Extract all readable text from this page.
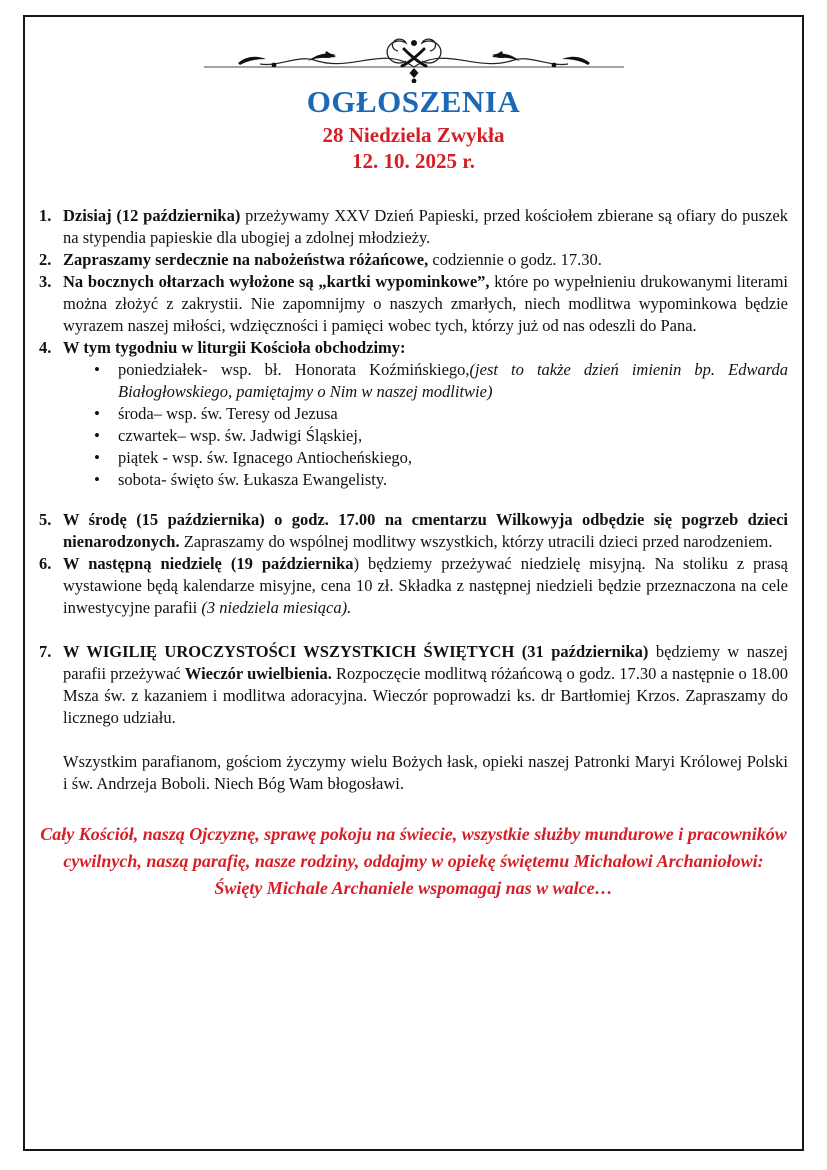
OGŁOSZENIA
28 Niedziela Zwykła
12. 10. 2025 r.

1. Dzisiaj (12 października) przeżywamy XXV Dzień Papieski, przed kościołem zbierane są ofiary do puszek na stypendia papieskie dla ubogiej a zdolnej młodzieży.

2. Zapraszamy serdecznie na nabożeństwa różańcowe, codziennie o godz. 17.30.

3. Na bocznych ołtarzach wyłożone są „kartki wypominkowe”, które po wypełnieniu drukowanymi literami można złożyć z zakrystii. Nie zapomnijmy o naszych zmarłych, niech modlitwa wypominkowa będzie wyrazem naszej miłości, wdzięczności i pamięci wobec tych, którzy już od nas odeszli do Pana.

4. W tym tygodniu w liturgii Kościoła obchodzimy:
• poniedziałek- wsp. bł. Honorata Koźmińskiego,(jest to także dzień imienin bp. Edwarda Białogłowskiego, pamiętajmy o Nim w naszej modlitwie)
• środa– wsp. św. Teresy od Jezusa
• czwartek– wsp. św. Jadwigi Śląskiej,
• piątek - wsp. św. Ignacego Antiocheńskiego,
• sobota- święto św. Łukasza Ewangelisty.

5. W środę (15 października) o godz. 17.00 na cmentarzu Wilkowyja odbędzie się pogrzeb dzieci nienarodzonych. Zapraszamy do wspólnej modlitwy wszystkich, którzy utracili dzieci przed narodzeniem.

6. W następną niedzielę (19 października) będziemy przeżywać niedzielę misyjną. Na stoliku z prasą wystawione będą kalendarze misyjne, cena 10 zł. Składka z następnej niedzieli będzie przeznaczona na cele inwestycyjne parafii (3 niedziela miesiąca).

7. W WIGILIĘ UROCZYSTOŚCI WSZYSTKICH ŚWIĘTYCH (31 października) będziemy w naszej parafii przeżywać Wieczór uwielbienia. Rozpoczęcie modlitwą różańcową o godz. 17.30 a następnie o 18.00 Msza św. z kazaniem i modlitwa adoracyjna. Wieczór poprowadzi ks. dr Bartłomiej Krzos. Zapraszamy do licznego udziału.

Wszystkim parafianom, gościom życzymy wielu Bożych łask, opieki naszej Patronki Maryi Królowej Polski i św. Andrzeja Boboli. Niech Bóg Wam błogosławi.

Cały Kościół, naszą Ojczyznę, sprawę pokoju na świecie, wszystkie służby mundurowe i pracowników cywilnych, naszą parafię, nasze rodziny, oddajmy w opiekę świętemu Michałowi Archaniołowi:

Święty Michale Archaniele wspomagaj nas w walce…
